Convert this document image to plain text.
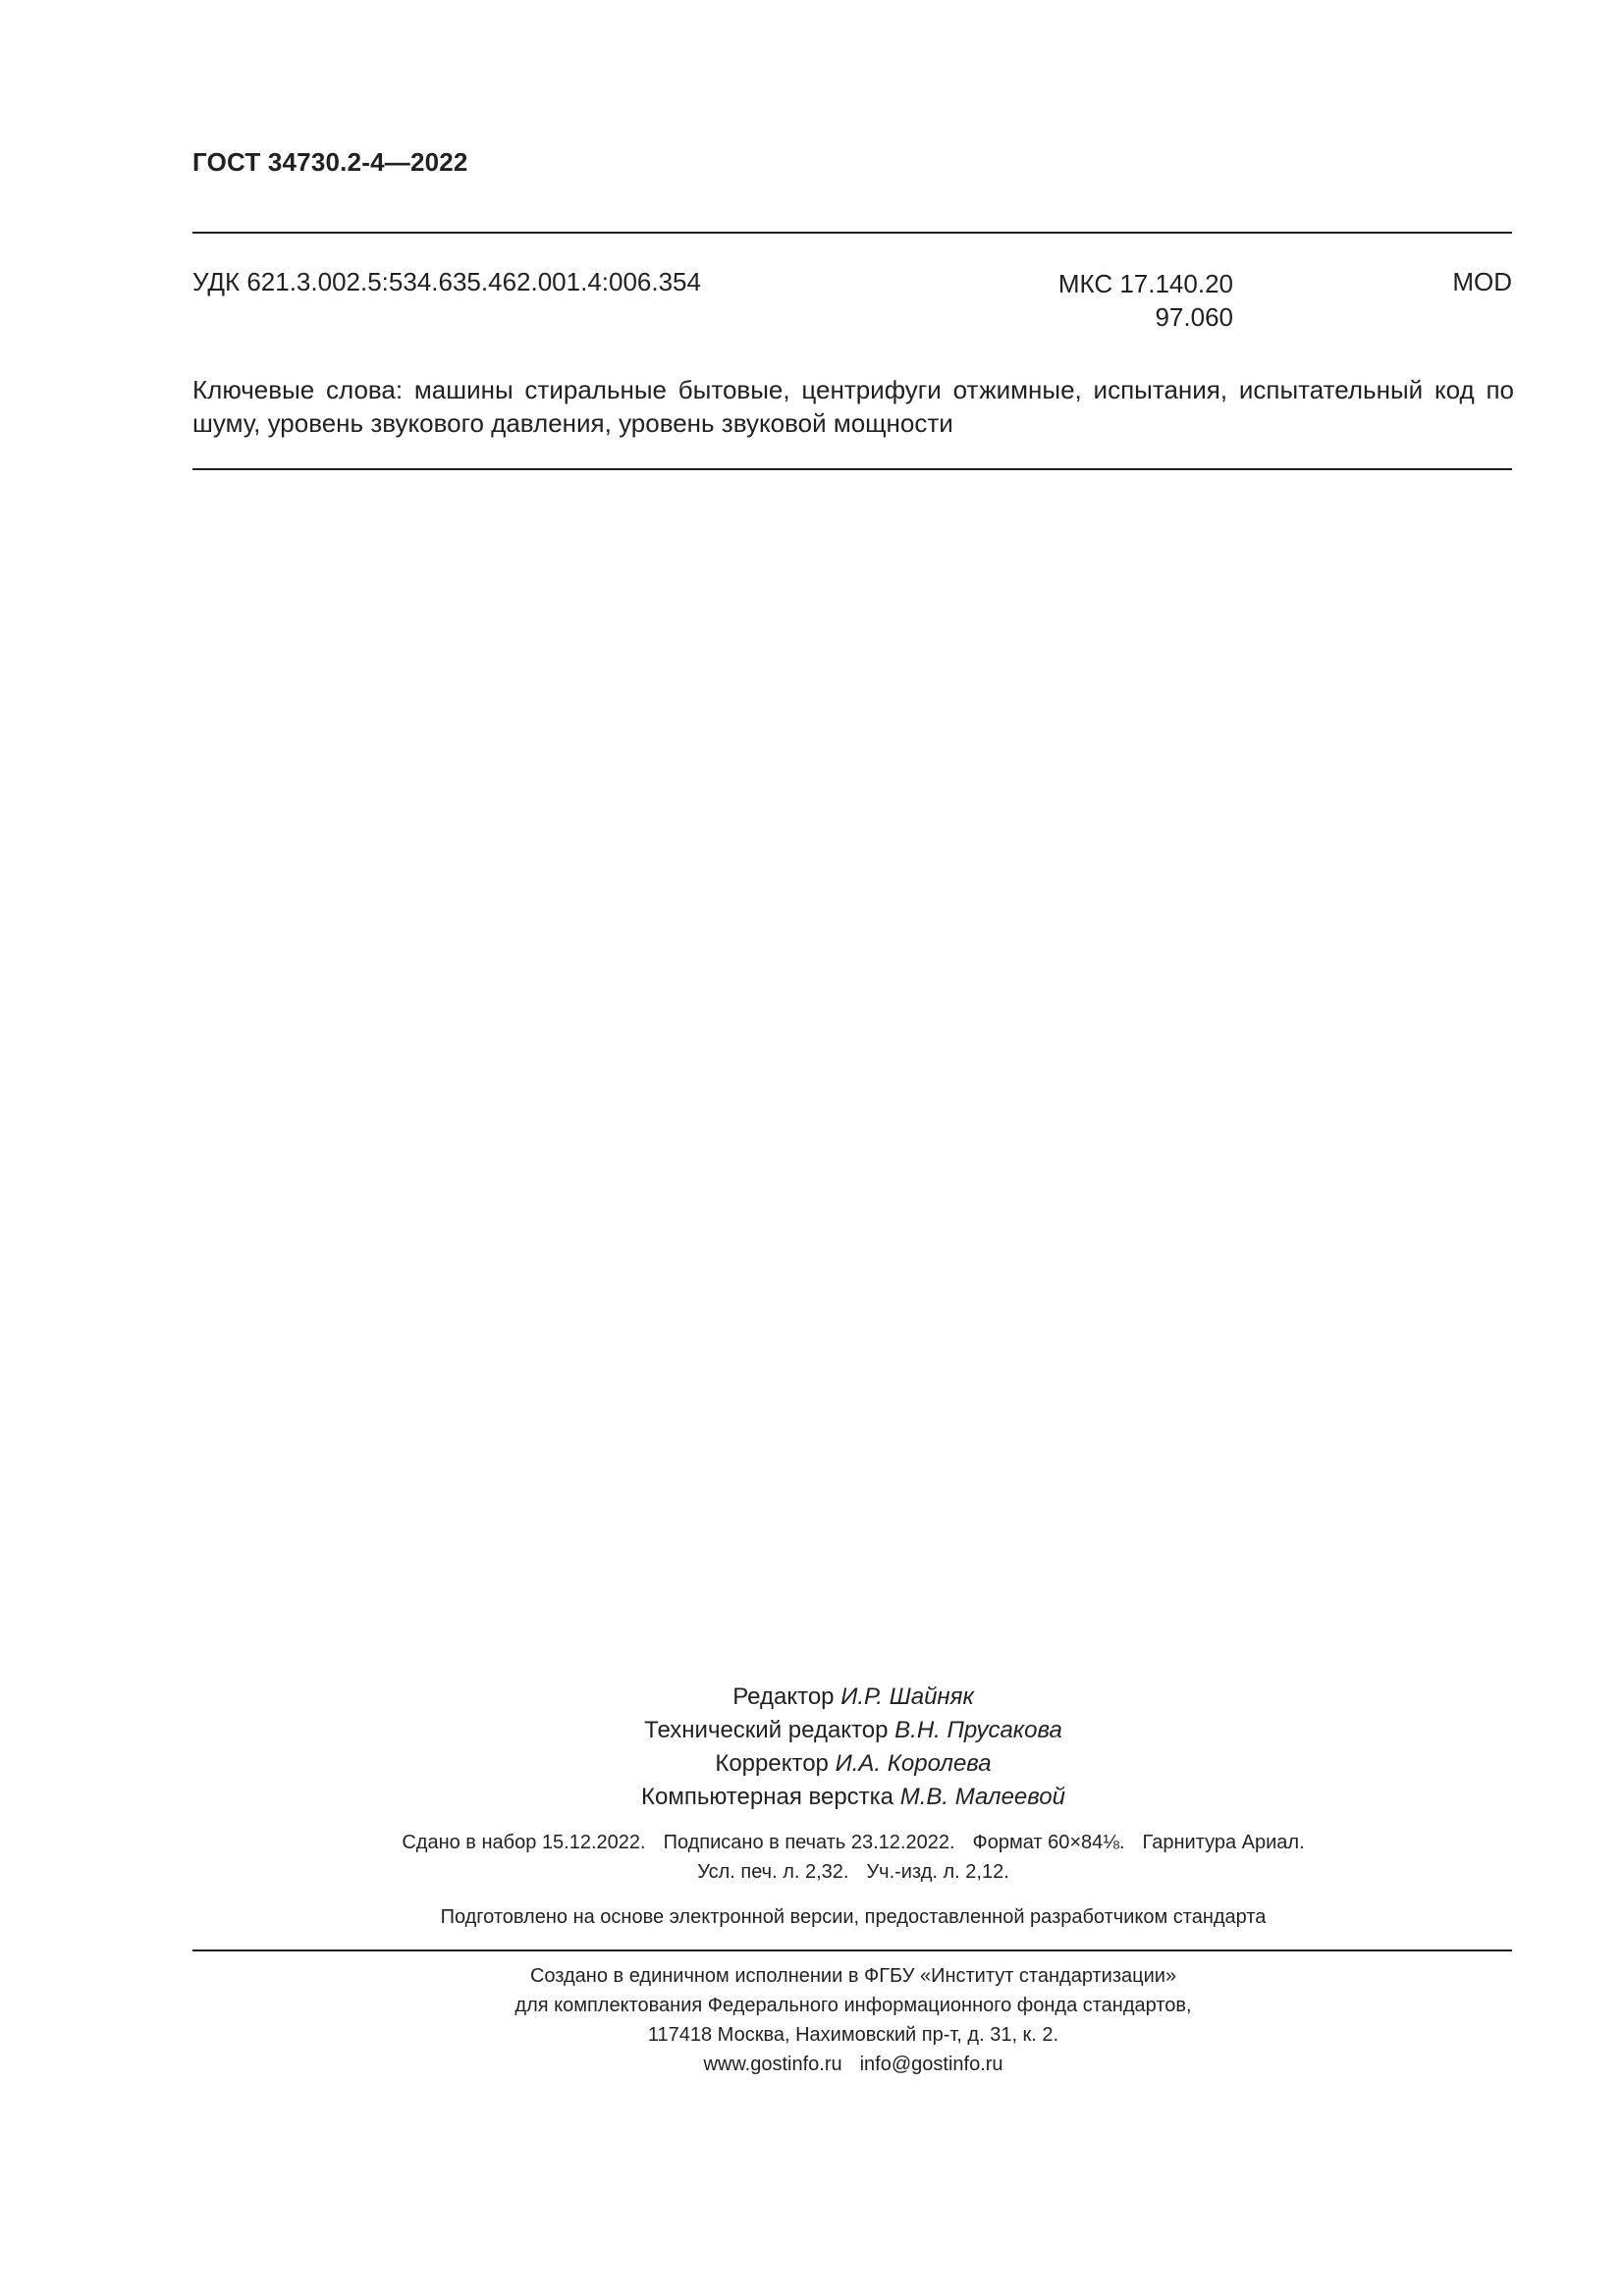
ГОСТ 34730.2-4—2022
УДК 621.3.002.5:534.635.462.001.4:006.354	МКС 17.140.20
97.060
MOD
Ключевые слова: машины стиральные бытовые, центрифуги отжимные, испытания, испытательный код по шуму, уровень звукового давления, уровень звуковой мощности
Редактор И.Р. Шайняк
Технический редактор В.Н. Прусакова
Корректор И.А. Королева
Компьютерная верстка М.В. Малеевой
Сдано в набор 15.12.2022. Подписано в печать 23.12.2022. Формат 60×84⅛. Гарнитура Ариал.
Усл. печ. л. 2,32. Уч.-изд. л. 2,12.
Подготовлено на основе электронной версии, предоставленной разработчиком стандарта
Создано в единичном исполнении в ФГБУ «Институт стандартизации»
для комплектования Федерального информационного фонда стандартов,
117418 Москва, Нахимовский пр-т, д. 31, к. 2.
www.gostinfo.ru info@gostinfo.ru
